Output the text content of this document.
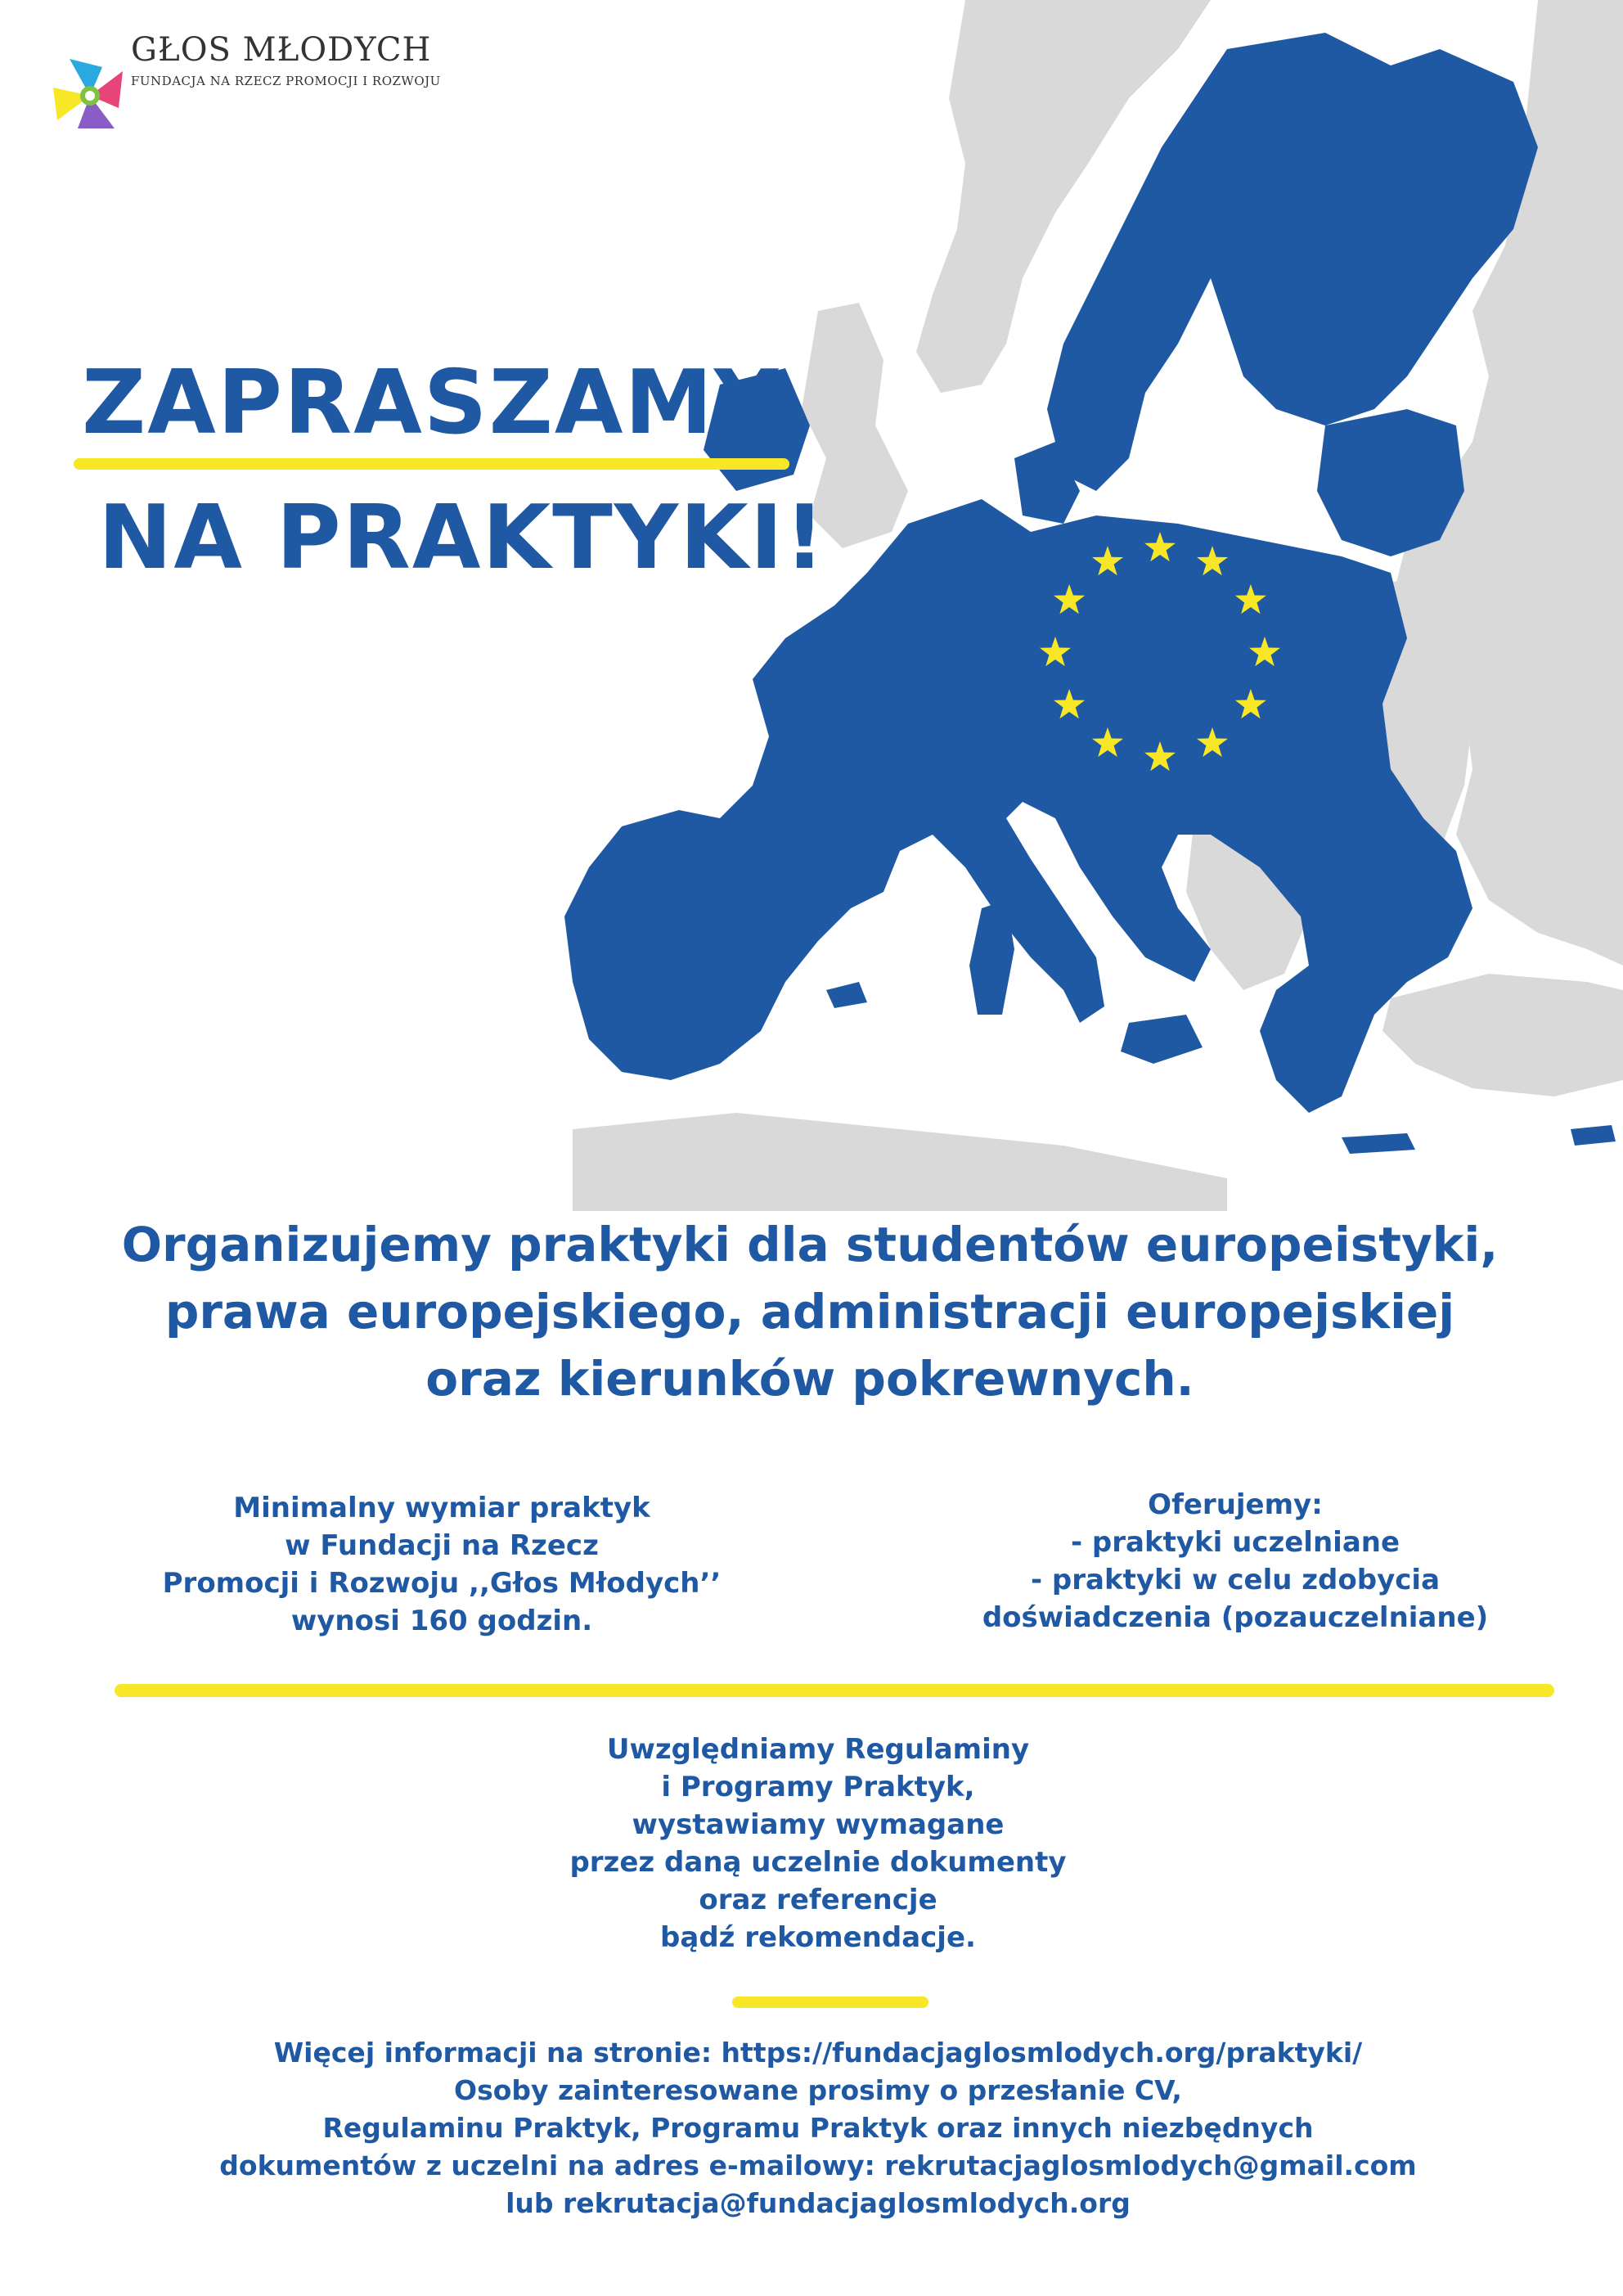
GŁOS MŁODYCH
FUNDACJA NA RZECZ PROMOCJI I ROZWOJU
ZAPRASZAMY
NA PRAKTYKI!
Organizujemy praktyki dla studentów europeistyki,
prawa europejskiego, administracji europejskiej
oraz kierunków pokrewnych.
Minimalny wymiar praktyk
w Fundacji na Rzecz
Promocji i Rozwoju ,,Głos Młodych’’
wynosi 160 godzin.
Oferujemy:
- praktyki uczelniane
- praktyki w celu zdobycia
doświadczenia (pozauczelniane)
Uwzględniamy Regulaminy
i Programy Praktyk,
wystawiamy wymagane
przez daną uczelnie dokumenty
oraz referencje
bądź rekomendacje.
Więcej informacji na stronie: https://fundacjaglosmlodych.org/praktyki/
Osoby zainteresowane prosimy o przesłanie CV,
Regulaminu Praktyk, Programu Praktyk oraz innych niezbędnych
dokumentów z uczelni na adres e-mailowy: rekrutacjaglosmlodych@gmail.com
lub rekrutacja@fundacjaglosmlodych.org
